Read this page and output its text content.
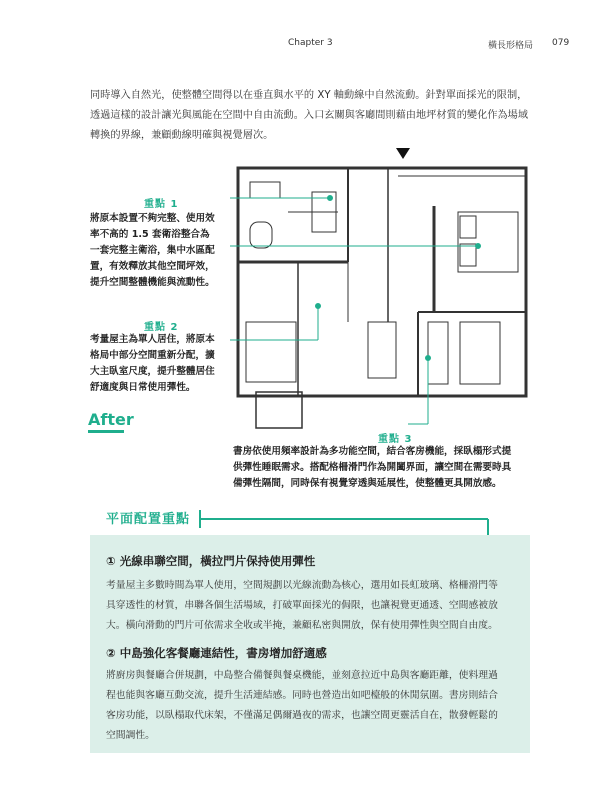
Chapter 3	橫長形格局 079
同時導入自然光，使整體空間得以在垂直與水平的 XY 軸動線中自然流動。針對單面採光的限制，
透過這樣的設計讓光與風能在空間中自由流動。入口玄關與客廳間則藉由地坪材質的變化作為場域
轉換的界線，兼顧動線明確與視覺層次。
重點 1
將原本設置不夠完整、使用效
率不高的 1.5 套衛浴整合為
一套完整主衛浴，集中水區配
置，有效釋放其他空間坪效，
提升空間整體機能與流動性。
重點 2
考量屋主為單人居住，將原本
格局中部分空間重新分配，擴
大主臥室尺度，提升整體居住
舒適度與日常使用彈性。
After
重點 3
書房依使用頻率設計為多功能空間，結合客房機能，採臥榻形式提
供彈性睡眠需求。搭配格柵滑門作為開闔界面，讓空間在需要時具
備彈性隔間，同時保有視覺穿透與延展性，使整體更具開放感。
平面配置重點
① 光線串聯空間，橫拉門片保持使用彈性
考量屋主多數時間為單人使用，空間規劃以光線流動為核心，選用如長虹玻璃、格柵滑門等
具穿透性的材質，串聯各個生活場域，打破單面採光的侷限，也讓視覺更通透、空間感被放
大。橫向滑動的門片可依需求全收或半掩，兼顧私密與開放，保有使用彈性與空間自由度。
② 中島強化客餐廳連結性，書房增加舒適感
將廚房與餐廳合併規劃，中島整合備餐與餐桌機能，並刻意拉近中島與客廳距離，使料理過
程也能與客廳互動交流，提升生活連結感。同時也營造出如吧檯般的休閒氛圍。書房則結合
客房功能，以臥榻取代床架，不僅滿足偶爾過夜的需求，也讓空間更靈活自在，散發輕鬆的
空間調性。
